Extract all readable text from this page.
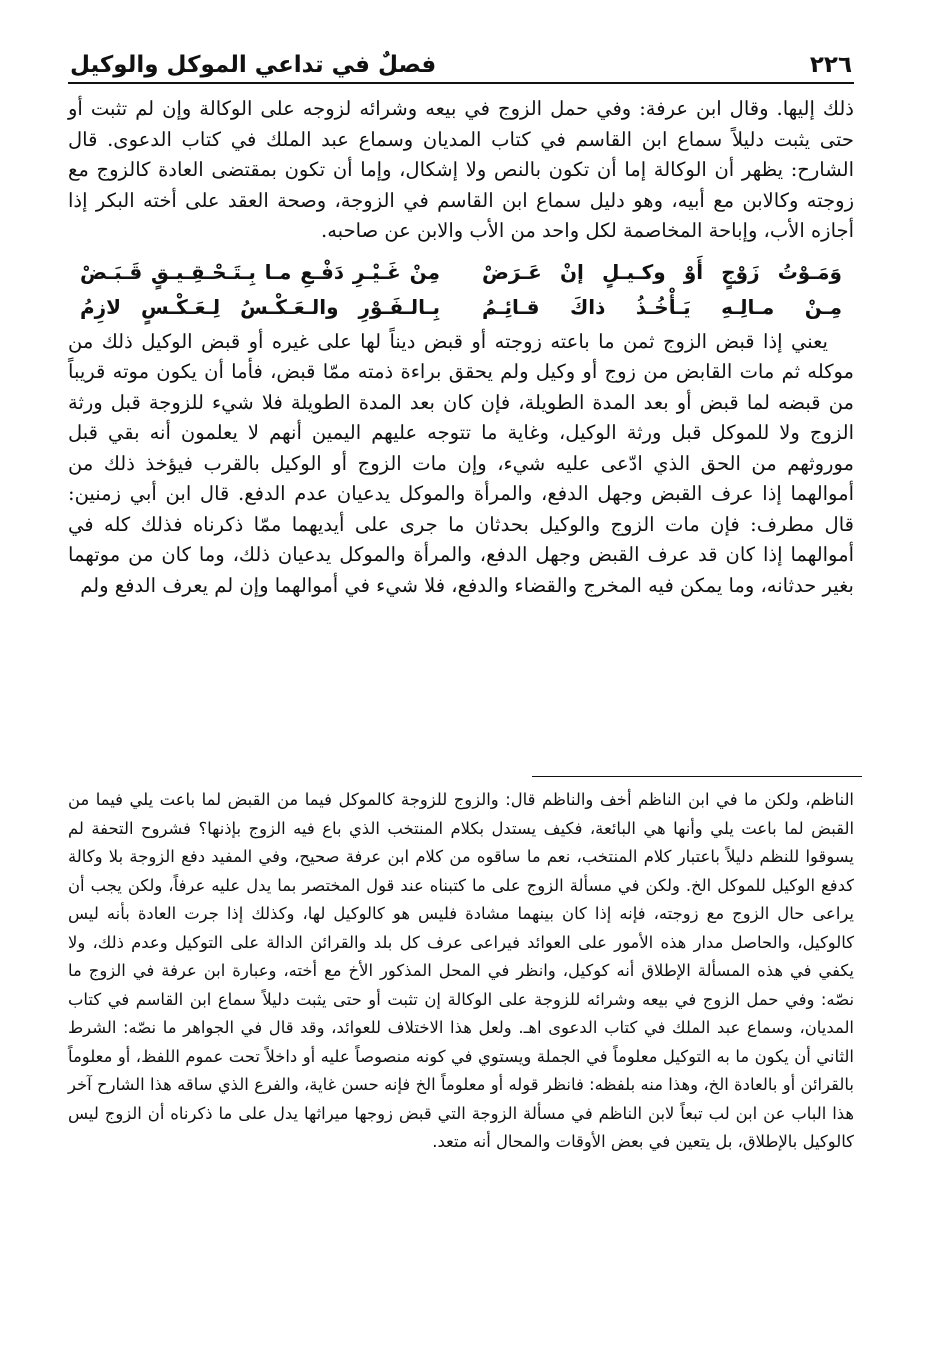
٢٢٦
فصلٌ في تداعي الموكل والوكيل

ذلك إليها. وقال ابن عرفة: وفي حمل الزوج في بيعه وشرائه لزوجه على الوكالة وإن لم تثبت أو حتى يثبت دليلاً سماع ابن القاسم في كتاب المديان وسماع عبد الملك في كتاب الدعوى. قال الشارح: يظهر أن الوكالة إما أن تكون بالنص ولا إشكال، وإما أن تكون بمقتضى العادة كالزوج مع زوجته وكالابن مع أبيه، وهو دليل سماع ابن القاسم في الزوجة، وصحة العقد على أخته البكر إذا أجازه الأب، وإباحة المخاصمة لكل واحد من الأب والابن عن صاحبه.

وَمَـوْتُ زَوْجٍ أَوْ وكـيـلٍ إنْ عَـرَضْ
مِنْ غَـيْـرِ دَفْـعِ مـا بِـتَـحْـقِـيـقٍ قَـبَـضْ
مِـنْ مـالِـهِ يَـأْخُـذُ ذاكَ قـائِـمُ
بِـالـفَـوْرِ والـعَـكْـسُ لِـعَـكْـسٍ لازِمُ

يعني إذا قبض الزوج ثمن ما باعته زوجته أو قبض ديناً لها على غيره أو قبض الوكيل ذلك من موكله ثم مات القابض من زوج أو وكيل ولم يحقق براءة ذمته ممّا قبض، فأما أن يكون موته قريباً من قبضه لما قبض أو بعد المدة الطويلة، فإن كان بعد المدة الطويلة فلا شيء للزوجة قبل ورثة الزوج ولا للموكل قبل ورثة الوكيل، وغاية ما تتوجه عليهم اليمين أنهم لا يعلمون أنه بقي قبل موروثهم من الحق الذي ادّعى عليه شيء، وإن مات الزوج أو الوكيل بالقرب فيؤخذ ذلك من أموالهما إذا عرف القبض وجهل الدفع، والمرأة والموكل يدعيان عدم الدفع. قال ابن أبي زمنين: قال مطرف: فإن مات الزوج والوكيل بحدثان ما جرى على أيديهما ممّا ذكرناه فذلك كله في أموالهما إذا كان قد عرف القبض وجهل الدفع، والمرأة والموكل يدعيان ذلك، وما كان من موتهما بغير حدثانه، وما يمكن فيه المخرج والقضاء والدفع، فلا شيء في أموالهما وإن لم يعرف الدفع ولم

الناظم، ولكن ما في ابن الناظم أخف والناظم قال: والزوج للزوجة كالموكل فيما من القبض لما باعت يلي فيما من القبض لما باعت يلي وأنها هي البائعة، فكيف يستدل بكلام المنتخب الذي باع فيه الزوج بإذنها؟ فشروح التحفة لم يسوقوا للنظم دليلاً باعتبار كلام المنتخب، نعم ما ساقوه من كلام ابن عرفة صحيح، وفي المفيد دفع الزوجة بلا وكالة كدفع الوكيل للموكل الخ. ولكن في مسألة الزوج على ما كتبناه عند قول المختصر بما يدل عليه عرفاً، ولكن يجب أن يراعى حال الزوج مع زوجته، فإنه إذا كان بينهما مشادة فليس هو كالوكيل لها، وكذلك إذا جرت العادة بأنه ليس كالوكيل، والحاصل مدار هذه الأمور على العوائد فيراعى عرف كل بلد والقرائن الدالة على التوكيل وعدم ذلك، ولا يكفي في هذه المسألة الإطلاق أنه كوكيل، وانظر في المحل المذكور الأخ مع أخته، وعبارة ابن عرفة في الزوج ما نصّه: وفي حمل الزوج في بيعه وشرائه للزوجة على الوكالة إن تثبت أو حتى يثبت دليلاً سماع ابن القاسم في كتاب المديان، وسماع عبد الملك في كتاب الدعوى اهـ. ولعل هذا الاختلاف للعوائد، وقد قال في الجواهر ما نصّه: الشرط الثاني أن يكون ما به التوكيل معلوماً في الجملة ويستوي في كونه منصوصاً عليه أو داخلاً تحت عموم اللفظ، أو معلوماً بالقرائن أو بالعادة الخ، وهذا منه بلفظه: فانظر قوله أو معلوماً الخ فإنه حسن غاية، والفرع الذي ساقه هذا الشارح آخر هذا الباب عن ابن لب تبعاً لابن الناظم في مسألة الزوجة التي قبض زوجها ميراثها يدل على ما ذكرناه أن الزوج ليس كالوكيل بالإطلاق، بل يتعين في بعض الأوقات والمحال أنه متعد.
